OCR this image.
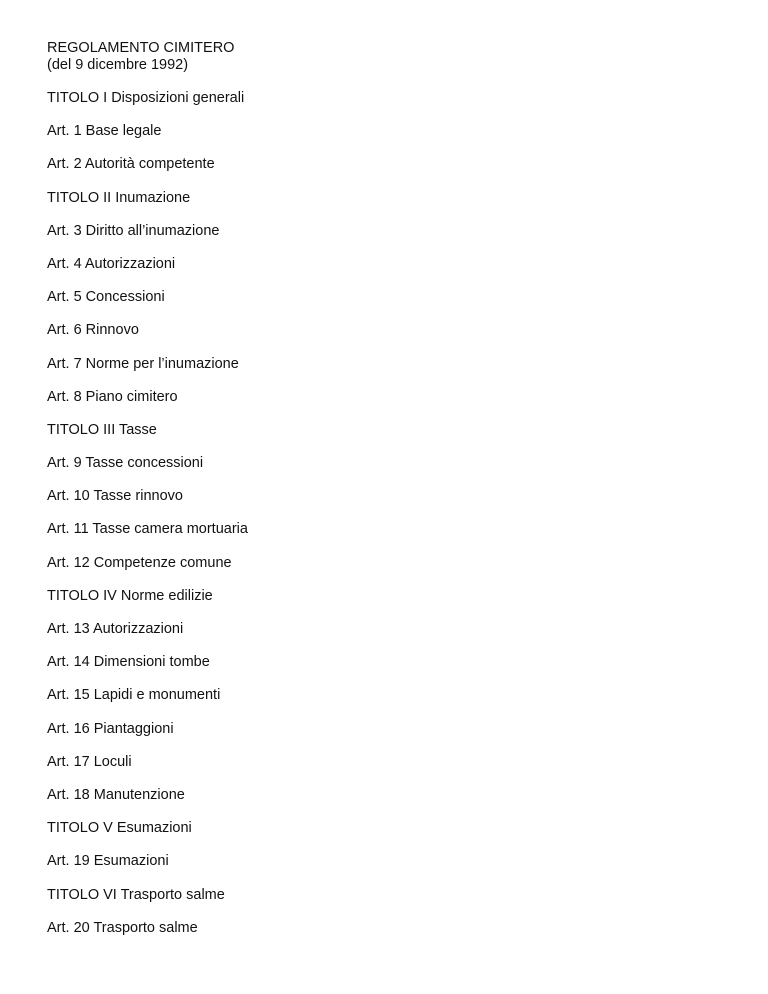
REGOLAMENTO CIMITERO
(del 9 dicembre 1992)
TITOLO I Disposizioni generali
Art. 1 Base legale
Art. 2 Autorità competente
TITOLO II Inumazione
Art. 3 Diritto all’inumazione
Art. 4 Autorizzazioni
Art. 5 Concessioni
Art. 6 Rinnovo
Art. 7 Norme per l’inumazione
Art. 8 Piano cimitero
TITOLO III Tasse
Art. 9 Tasse concessioni
Art. 10 Tasse rinnovo
Art. 11 Tasse camera mortuaria
Art. 12 Competenze comune
TITOLO IV Norme edilizie
Art. 13 Autorizzazioni
Art. 14 Dimensioni tombe
Art. 15 Lapidi e monumenti
Art. 16 Piantaggioni
Art. 17 Loculi
Art. 18 Manutenzione
TITOLO V Esumazioni
Art. 19 Esumazioni
TITOLO VI Trasporto salme
Art. 20 Trasporto salme
